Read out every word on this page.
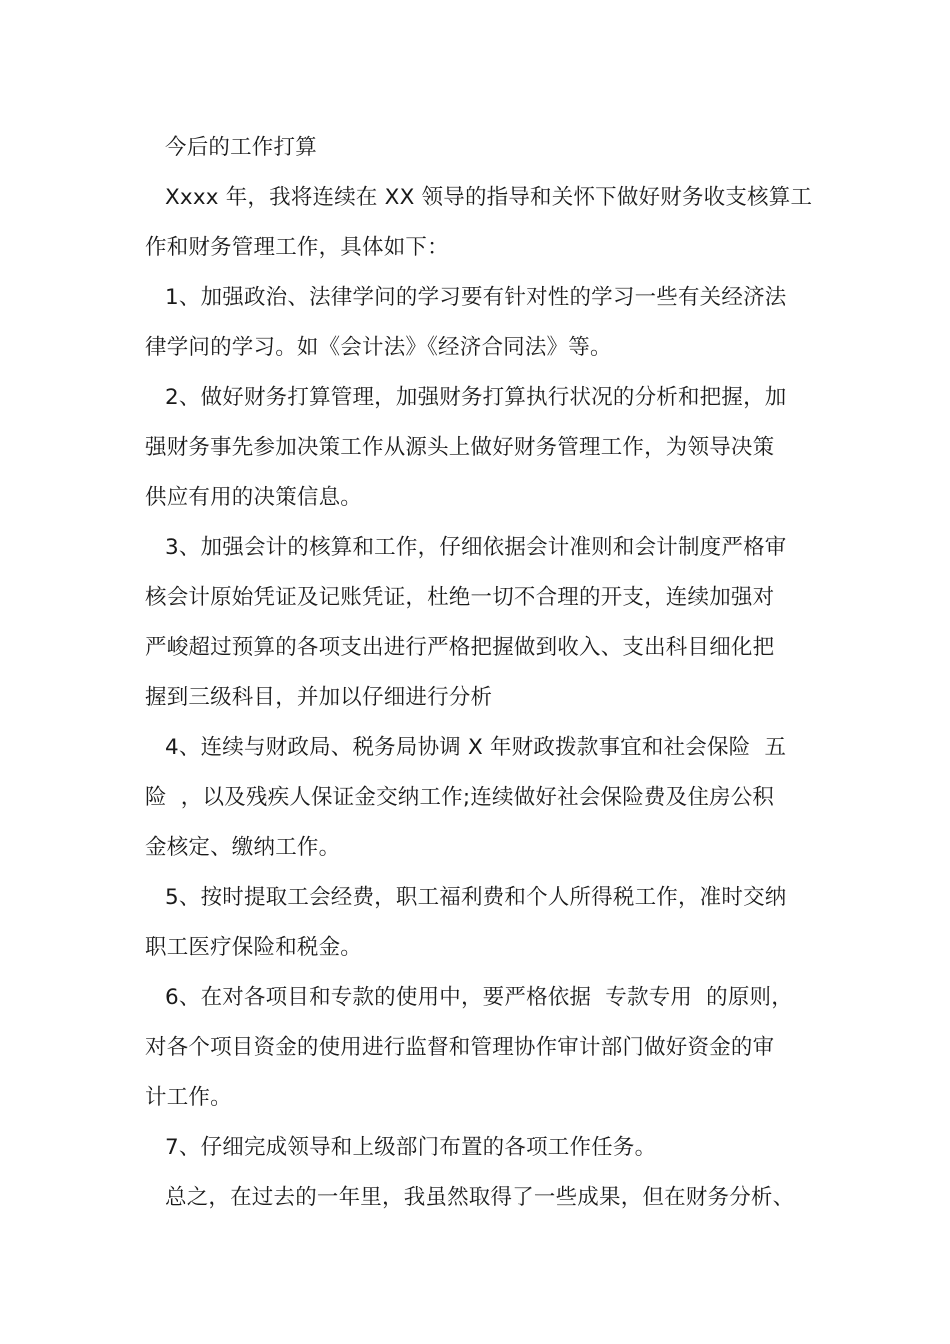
今后的工作打算
Xxxx 年，我将连续在 XX 领导的指导和关怀下做好财务收支核算工
作和财务管理工作，具体如下：
1、加强政治、法律学问的学习要有针对性的学习一些有关经济法
律学问的学习。如《会计法》《经济合同法》等。
2、做好财务打算管理，加强财务打算执行状况的分析和把握，加
强财务事先参加决策工作从源头上做好财务管理工作，为领导决策
供应有用的决策信息。
3、加强会计的核算和工作，仔细依据会计准则和会计制度严格审
核会计原始凭证及记账凭证，杜绝一切不合理的开支，连续加强对
严峻超过预算的各项支出进行严格把握做到收入、支出科目细化把
握到三级科目，并加以仔细进行分析
4、连续与财政局、税务局协调 X 年财政拨款事宜和社会保险  五
险  ，以及残疾人保证金交纳工作;连续做好社会保险费及住房公积
金核定、缴纳工作。
5、按时提取工会经费，职工福利费和个人所得税工作，准时交纳
职工医疗保险和税金。
6、在对各项目和专款的使用中，要严格依据  专款专用  的原则，
对各个项目资金的使用进行监督和管理协作审计部门做好资金的审
计工作。
7、仔细完成领导和上级部门布置的各项工作任务。
总之，在过去的一年里，我虽然取得了一些成果，但在财务分析、
